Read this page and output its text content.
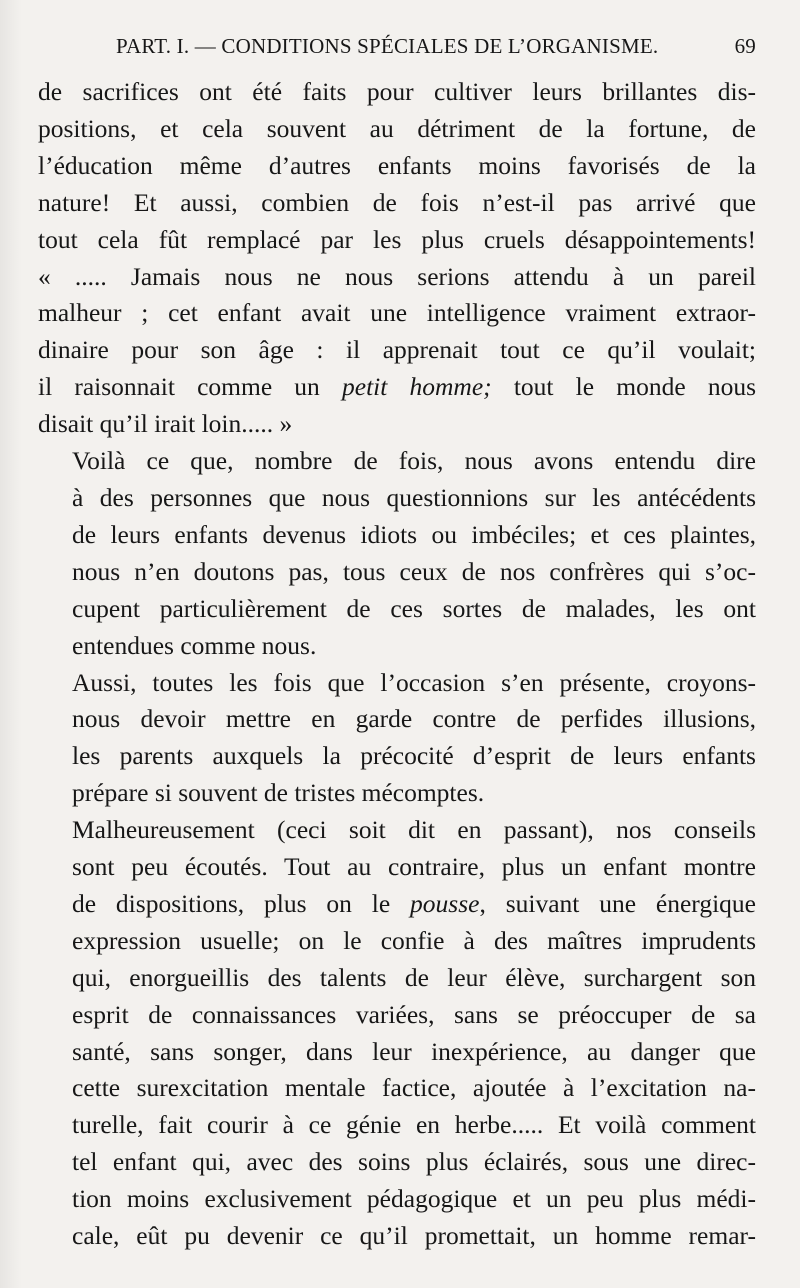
PART. I. — CONDITIONS SPÉCIALES DE L’ORGANISME.	69

de sacrifices ont été faits pour cultiver leurs brillantes dis-
positions, et cela souvent au détriment de la fortune, de
l’éducation même d’autres enfants moins favorisés de la
nature! Et aussi, combien de fois n’est-il pas arrivé que
tout cela fût remplacé par les plus cruels désappointements!
« ..... Jamais nous ne nous serions attendu à un pareil
malheur ; cet enfant avait une intelligence vraiment extraor-
dinaire pour son âge : il apprenait tout ce qu’il voulait;
il raisonnait comme un petit homme; tout le monde nous
disait qu’il irait loin..... »

Voilà ce que, nombre de fois, nous avons entendu dire
à des personnes que nous questionnions sur les antécédents
de leurs enfants devenus idiots ou imbéciles; et ces plaintes,
nous n’en doutons pas, tous ceux de nos confrères qui s’oc-
cupent particulièrement de ces sortes de malades, les ont
entendues comme nous.

Aussi, toutes les fois que l’occasion s’en présente, croyons-
nous devoir mettre en garde contre de perfides illusions,
les parents auxquels la précocité d’esprit de leurs enfants
prépare si souvent de tristes mécomptes.

Malheureusement (ceci soit dit en passant), nos conseils
sont peu écoutés. Tout au contraire, plus un enfant montre
de dispositions, plus on le pousse, suivant une énergique
expression usuelle; on le confie à des maîtres imprudents
qui, enorgueillis des talents de leur élève, surchargent son
esprit de connaissances variées, sans se préoccuper de sa
santé, sans songer, dans leur inexpérience, au danger que
cette surexcitation mentale factice, ajoutée à l’excitation na-
turelle, fait courir à ce génie en herbe..... Et voilà comment
tel enfant qui, avec des soins plus éclairés, sous une direc-
tion moins exclusivement pédagogique et un peu plus médi-
cale, eût pu devenir ce qu’il promettait, un homme remar-
